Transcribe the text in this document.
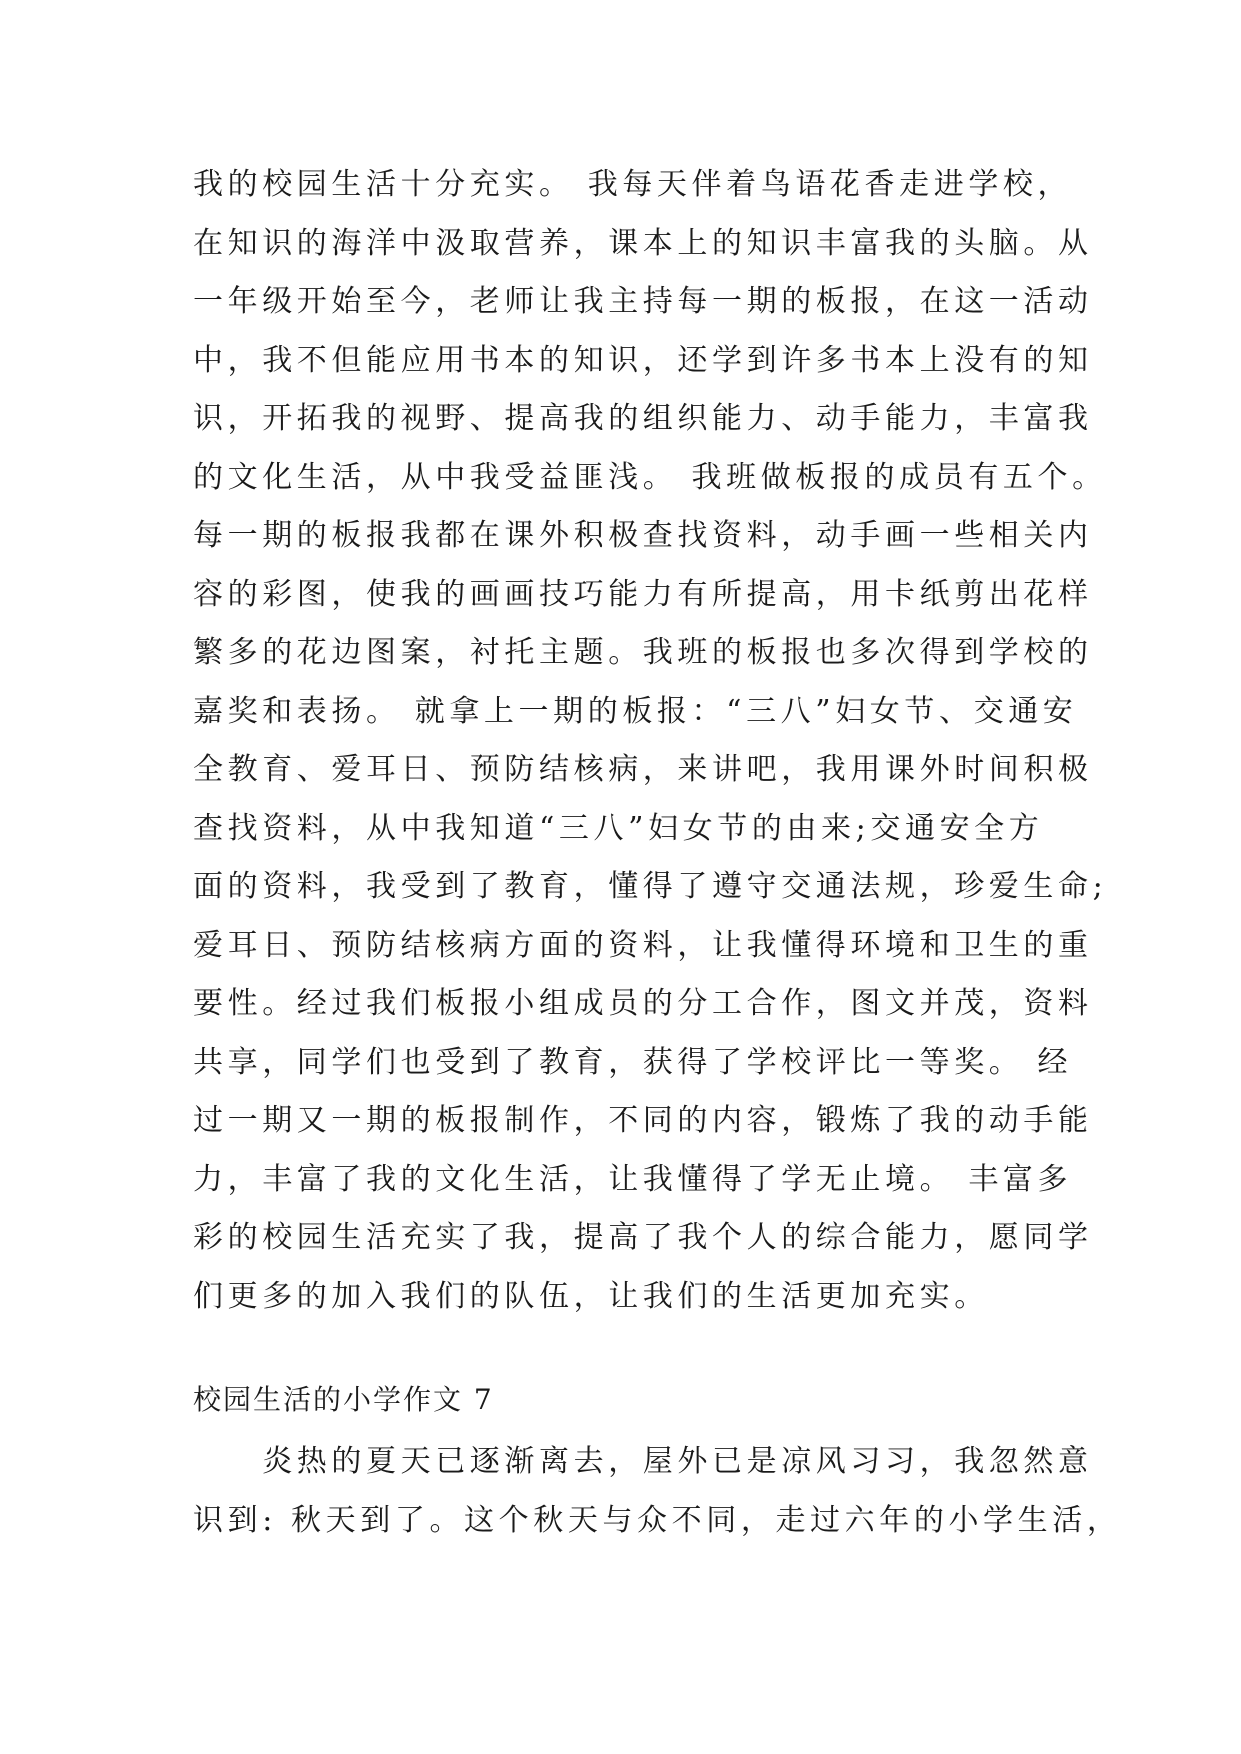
我的校园生活十分充实。 我每天伴着鸟语花香走进学校，
在知识的海洋中汲取营养，课本上的知识丰富我的头脑。从
一年级开始至今，老师让我主持每一期的板报，在这一活动
中，我不但能应用书本的知识，还学到许多书本上没有的知
识，开拓我的视野、提高我的组织能力、动手能力，丰富我
的文化生活，从中我受益匪浅。 我班做板报的成员有五个。
每一期的板报我都在课外积极查找资料，动手画一些相关内
容的彩图，使我的画画技巧能力有所提高，用卡纸剪出花样
繁多的花边图案，衬托主题。我班的板报也多次得到学校的
嘉奖和表扬。 就拿上一期的板报：“三八”妇女节、交通安
全教育、爱耳日、预防结核病，来讲吧，我用课外时间积极
查找资料，从中我知道“三八”妇女节的由来;交通安全方
面的资料，我受到了教育，懂得了遵守交通法规，珍爱生命;
爱耳日、预防结核病方面的资料，让我懂得环境和卫生的重
要性。经过我们板报小组成员的分工合作，图文并茂，资料
共享，同学们也受到了教育，获得了学校评比一等奖。 经
过一期又一期的板报制作，不同的内容，锻炼了我的动手能
力，丰富了我的文化生活，让我懂得了学无止境。 丰富多
彩的校园生活充实了我，提高了我个人的综合能力，愿同学
们更多的加入我们的队伍，让我们的生活更加充实。
校园生活的小学作文 7
　　炎热的夏天已逐渐离去，屋外已是凉风习习，我忽然意
识到: 秋天到了。这个秋天与众不同，走过六年的小学生活，
